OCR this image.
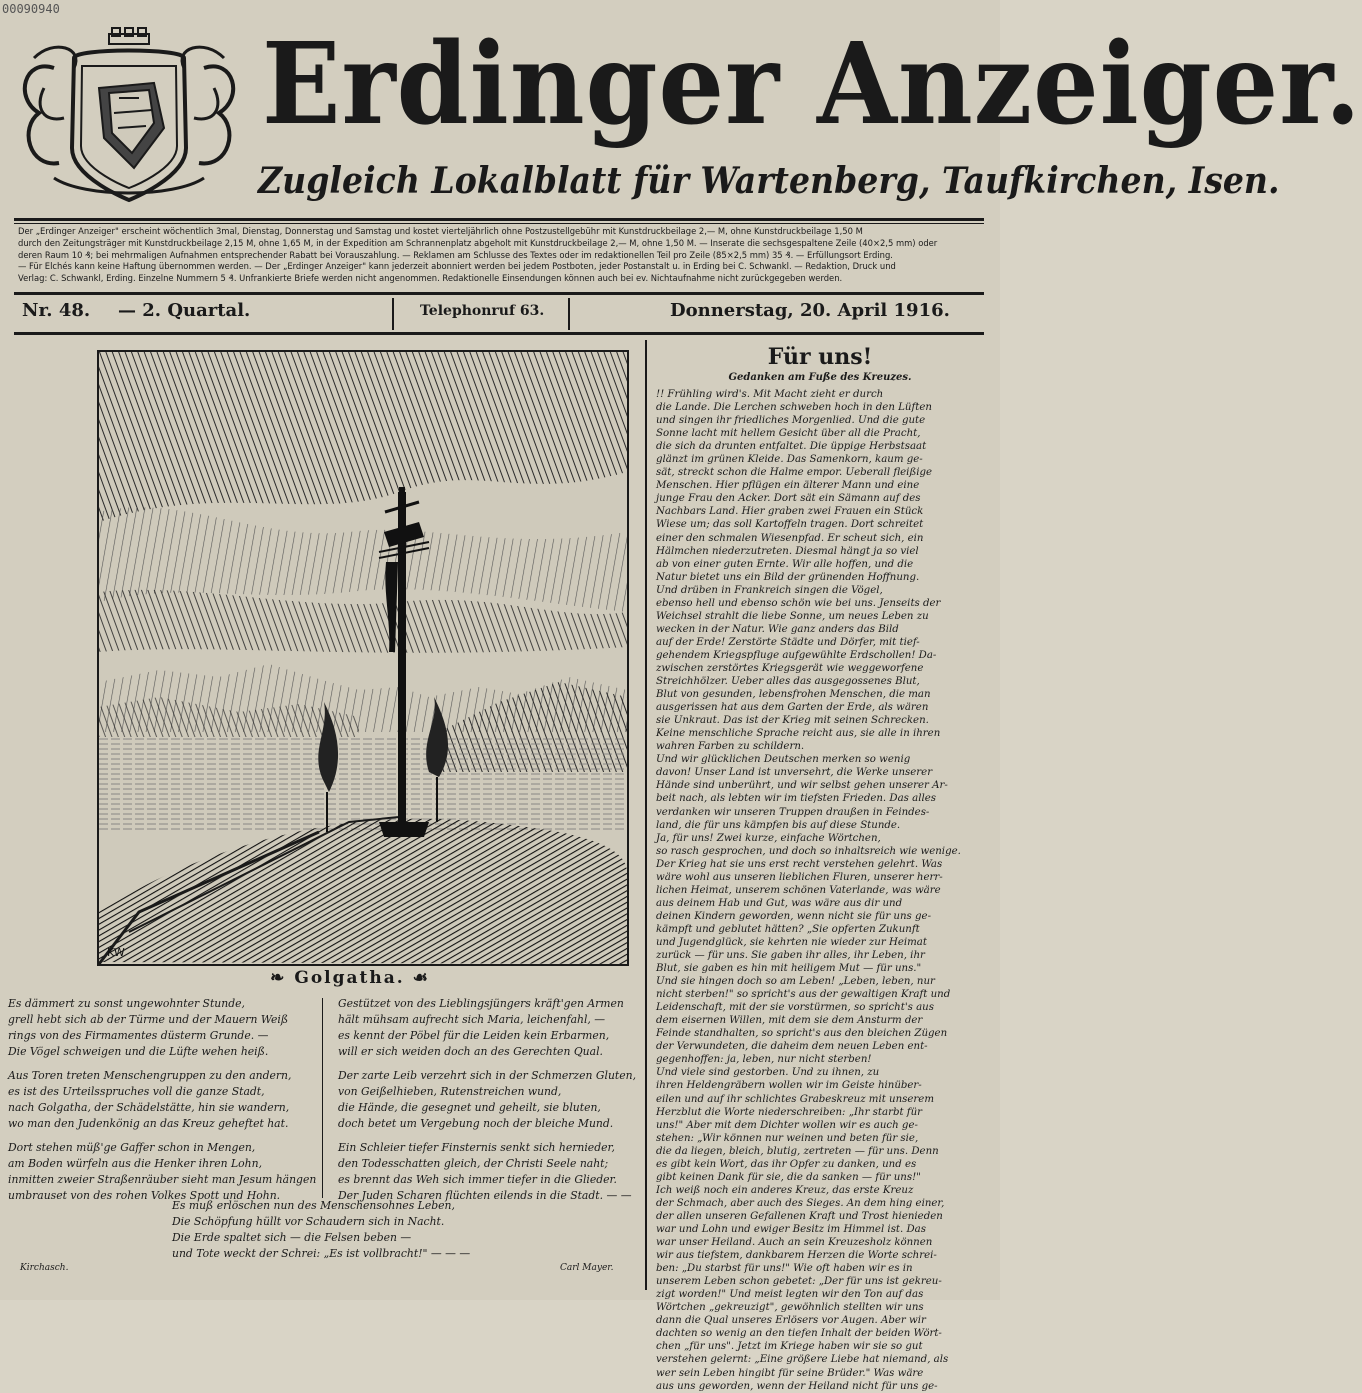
00090940
Erdinger Anzeiger.
Zugleich Lokalblatt für Wartenberg, Taufkirchen, Isen.
Der „Erdinger Anzeiger" erscheint wöchentlich 3mal, Dienstag, Donnerstag und Samstag und kostet vierteljährlich ohne Postzustellgebühr mit Kunstdruckbeilage 2,— M, ohne Kunstdruckbeilage 1,50 M
durch den Zeitungsträger mit Kunstdruckbeilage 2,15 M, ohne 1,65 M, in der Expedition am Schrannenplatz abgeholt mit Kunstdruckbeilage 2,— M, ohne 1,50 M. — Inserate die sechsgespaltene Zeile (40×2,5 mm) oder
deren Raum 10 ₰; bei mehrmaligen Aufnahmen entsprechender Rabatt bei Vorauszahlung. — Reklamen am Schlusse des Textes oder im redaktionellen Teil pro Zeile (85×2,5 mm) 35 ₰. — Erfüllungsort Erding.
— Für Elchés kann keine Haftung übernommen werden. — Der „Erdinger Anzeiger" kann jederzeit abonniert werden bei jedem Postboten, jeder Postanstalt u. in Erding bei C. Schwankl. — Redaktion, Druck und
Verlag: C. Schwankl, Erding. Einzelne Nummern 5 ₰. Unfrankierte Briefe werden nicht angenommen. Redaktionelle Einsendungen können auch bei ev. Nichtaufnahme nicht zurückgegeben werden.
Nr. 48. — 2. Quartal.	Telephonruf 63.	Donnerstag, 20. April 1916.
KW
❧ Golgatha. ☙
Es dämmert zu sonst ungewohnter Stunde,
grell hebt sich ab der Türme und der Mauern Weiß
rings von des Firmamentes düsterm Grunde. —
Die Vögel schweigen und die Lüfte wehen heiß.
Aus Toren treten Menschengruppen zu den andern,
es ist des Urteilsspruches voll die ganze Stadt,
nach Golgatha, der Schädelstätte, hin sie wandern,
wo man den Judenkönig an das Kreuz geheftet hat.
Dort stehen müß'ge Gaffer schon in Mengen,
am Boden würfeln aus die Henker ihren Lohn,
inmitten zweier Straßenräuber sieht man Jesum hängen
umbrauset von des rohen Volkes Spott und Hohn.
Gestützet von des Lieblingsjüngers kräft'gen Armen
hält mühsam aufrecht sich Maria, leichenfahl, —
es kennt der Pöbel für die Leiden kein Erbarmen,
will er sich weiden doch an des Gerechten Qual.
Der zarte Leib verzehrt sich in der Schmerzen Gluten,
von Geißelhieben, Rutenstreichen wund,
die Hände, die gesegnet und geheilt, sie bluten,
doch betet um Vergebung noch der bleiche Mund.
Ein Schleier tiefer Finsternis senkt sich hernieder,
den Todesschatten gleich, der Christi Seele naht;
es brennt das Weh sich immer tiefer in die Glieder.
Der Juden Scharen flüchten eilends in die Stadt. — —
Es muß erlöschen nun des Menschensohnes Leben,
Die Schöpfung hüllt vor Schaudern sich in Nacht.
Die Erde spaltet sich — die Felsen beben —
und Tote weckt der Schrei: „Es ist vollbracht!" — — —
Kirchasch.	Carl Mayer.
Für uns!
Gedanken am Fuße des Kreuzes.
!! Frühling wird's. Mit Macht zieht er durch
die Lande. Die Lerchen schweben hoch in den Lüften
und singen ihr friedliches Morgenlied. Und die gute
Sonne lacht mit hellem Gesicht über all die Pracht,
die sich da drunten entfaltet. Die üppige Herbstsaat
glänzt im grünen Kleide. Das Samenkorn, kaum ge-
sät, streckt schon die Halme empor. Ueberall fleißige
Menschen. Hier pflügen ein älterer Mann und eine
junge Frau den Acker. Dort sät ein Sämann auf des
Nachbars Land. Hier graben zwei Frauen ein Stück
Wiese um; das soll Kartoffeln tragen. Dort schreitet
einer den schmalen Wiesenpfad. Er scheut sich, ein
Hälmchen niederzutreten. Diesmal hängt ja so viel
ab von einer guten Ernte. Wir alle hoffen, und die
Natur bietet uns ein Bild der grünenden Hoffnung.
Und drüben in Frankreich singen die Vögel,
ebenso hell und ebenso schön wie bei uns. Jenseits der
Weichsel strahlt die liebe Sonne, um neues Leben zu
wecken in der Natur. Wie ganz anders das Bild
auf der Erde! Zerstörte Städte und Dörfer, mit tief-
gehendem Kriegspfluge aufgewühlte Erdschollen! Da-
zwischen zerstörtes Kriegsgerät wie weggeworfene
Streichhölzer. Ueber alles das ausgegossenes Blut,
Blut von gesunden, lebensfrohen Menschen, die man
ausgerissen hat aus dem Garten der Erde, als wären
sie Unkraut. Das ist der Krieg mit seinen Schrecken.
Keine menschliche Sprache reicht aus, sie alle in ihren
wahren Farben zu schildern.
Und wir glücklichen Deutschen merken so wenig
davon! Unser Land ist unversehrt, die Werke unserer
Hände sind unberührt, und wir selbst gehen unserer Ar-
beit nach, als lebten wir im tiefsten Frieden. Das alles
verdanken wir unseren Truppen draußen in Feindes-
land, die für uns kämpfen bis auf diese Stunde.
Ja, für uns! Zwei kurze, einfache Wörtchen,
so rasch gesprochen, und doch so inhaltsreich wie wenige.
Der Krieg hat sie uns erst recht verstehen gelehrt. Was
wäre wohl aus unseren lieblichen Fluren, unserer herr-
lichen Heimat, unserem schönen Vaterlande, was wäre
aus deinem Hab und Gut, was wäre aus dir und
deinen Kindern geworden, wenn nicht sie für uns ge-
kämpft und geblutet hätten? „Sie opferten Zukunft
und Jugendglück, sie kehrten nie wieder zur Heimat
zurück — für uns. Sie gaben ihr alles, ihr Leben, ihr
Blut, sie gaben es hin mit heiligem Mut — für uns."
Und sie hingen doch so am Leben! „Leben, leben, nur
nicht sterben!" so spricht's aus der gewaltigen Kraft und
Leidenschaft, mit der sie vorstürmen, so spricht's aus
dem eisernen Willen, mit dem sie dem Ansturm der
Feinde standhalten, so spricht's aus den bleichen Zügen
der Verwundeten, die daheim dem neuen Leben ent-
gegenhoffen: ja, leben, nur nicht sterben!
Und viele sind gestorben. Und zu ihnen, zu
ihren Heldengräbern wollen wir im Geiste hinüber-
eilen und auf ihr schlichtes Grabeskreuz mit unserem
Herzblut die Worte niederschreiben: „Ihr starbt für
uns!" Aber mit dem Dichter wollen wir es auch ge-
stehen: „Wir können nur weinen und beten für sie,
die da liegen, bleich, blutig, zertreten — für uns. Denn
es gibt kein Wort, das ihr Opfer zu danken, und es
gibt keinen Dank für sie, die da sanken — für uns!"
Ich weiß noch ein anderes Kreuz, das erste Kreuz
der Schmach, aber auch des Sieges. An dem hing einer,
der allen unseren Gefallenen Kraft und Trost hienieden
war und Lohn und ewiger Besitz im Himmel ist. Das
war unser Heiland. Auch an sein Kreuzesholz können
wir aus tiefstem, dankbarem Herzen die Worte schrei-
ben: „Du starbst für uns!" Wie oft haben wir es in
unserem Leben schon gebetet: „Der für uns ist gekreu-
zigt worden!" Und meist legten wir den Ton auf das
Wörtchen „gekreuzigt", gewöhnlich stellten wir uns
dann die Qual unseres Erlösers vor Augen. Aber wir
dachten so wenig an den tiefen Inhalt der beiden Wört-
chen „für uns". Jetzt im Kriege haben wir sie so gut
verstehen gelernt: „Eine größere Liebe hat niemand, als
wer sein Leben hingibt für seine Brüder." Was wäre
aus uns geworden, wenn der Heiland nicht für uns ge-
